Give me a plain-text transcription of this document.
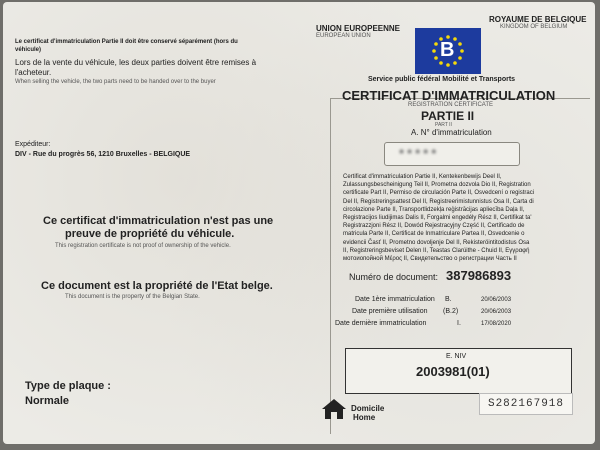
Le certificat d'immatriculation Partie II doit être conservé séparément (hors du
véhicule)
Lors de la vente du véhicule, les deux parties doivent être remises à
l'acheteur.
When selling the vehicle, the two parts need to be handed over to the buyer
UNION EUROPEENNE
EUROPEAN UNION
B
ROYAUME DE BELGIQUE
KINGDOM OF BELGIUM
Service public fédéral Mobilité et Transports
CERTIFICAT D'IMMATRICULATION
REGISTRATION CERTIFICATE
PARTIE II
PART II
A. N° d'immatriculation
*****
Expéditeur:
DIV - Rue du progrès 56, 1210 Bruxelles - BELGIQUE
Certificat d'immatriculation Partie II, Kentekenbewijs Deel II,
Zulassungsbescheinigung Teil II, Prometna dozvola Dio II, Registration
certificate Part II, Permiso de circulación Parte II, Osvedcení o registraci
Del II, Registreringsattest Del II, Registreerimistunnistus Osa II, Carta di
circolazione Parte II, Transportlidzekļa reģistrācijas apliecība Daļa II,
Registracijos liudijimas Dalis II, Forgalmi engedély Rész II, Certifikat ta'
Registrazzjoni Rész II, Dowód Rejestracyjny Część II, Certificado de
matricula Parte II, Certificat de Inmatriculare Partea II, Osvedcenie o
evidencii Časť II, Prometno dovoljenje Del II, Rekisteröintitodistus Osa
II, Registreringsbeviset Delen II, Teastas Clarúithe - Chuid II, Εγγραφή
мотоиопойной Μέρος II, Свидетельство о регистрации Часть II
Ce certificat d'immatriculation n'est pas une
preuve de propriété du véhicule.
This registration certificate is not proof of ownership of the vehicle.
Ce document est la propriété de l'Etat belge.
This document is the property of the Belgian State.
Numéro de document: 387986893
Date 1ère immatriculation B.	20/06/2003
Date première utilisation (B.2)	20/06/2003
Date dernière immatriculation	I.	17/08/2020
E. NIV
2003981(01)
Type de plaque :
Normale
Domicile
Home
S282167918
